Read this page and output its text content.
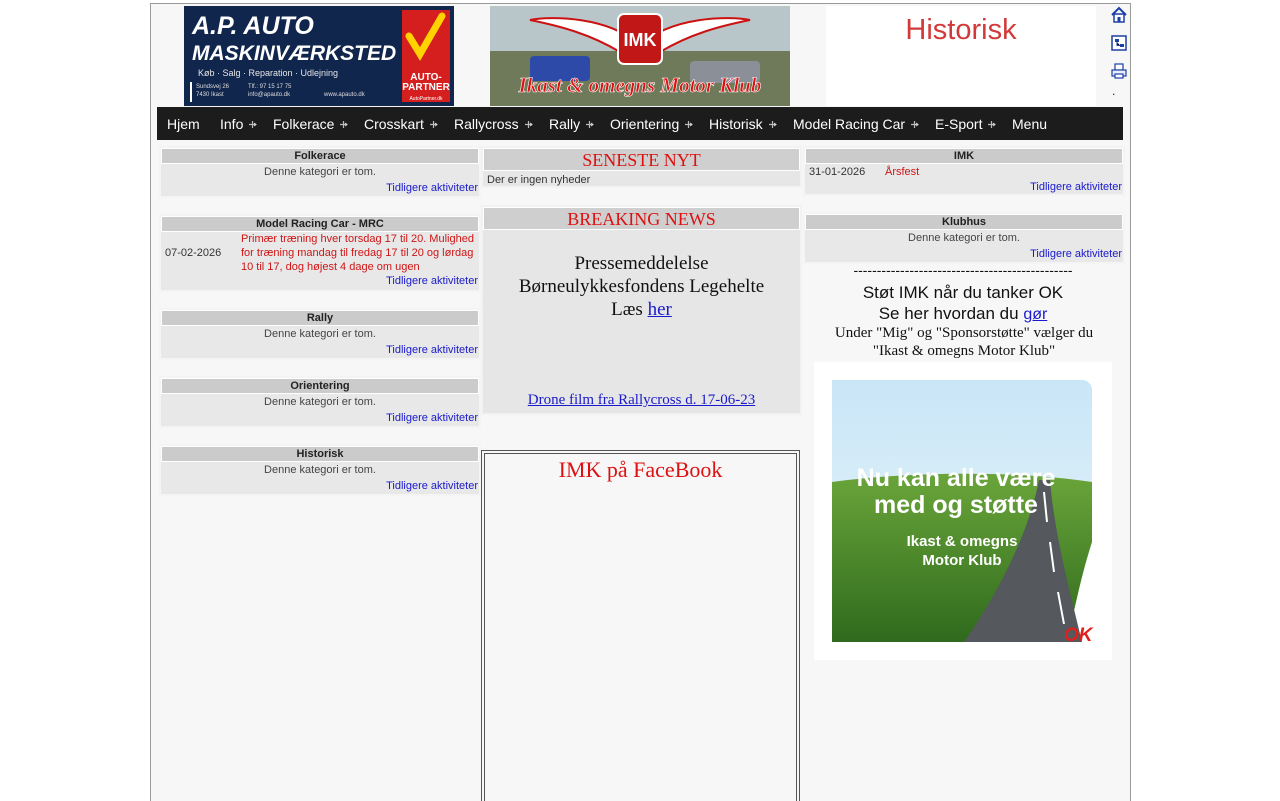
A.P. AUTO
MASKINVÆRKSTED
Køb · Salg · Reparation · Udlejning
Sundsvej 26
7430 Ikast
Tlf.: 97 15 17 75
info@apauto.dk	www.apauto.dk
AUTO-
PARTNER
AutoPartner.dk
IMK
Ikast & omegns Motor Klub
Historisk
.
Hjem Info	Folkerace	Crosskart	Rallycross	Rally	Orientering	Historisk	Model Racing Car	E-Sport	Menu
Folkerace
Denne kategori er tom.
Tidligere aktiviteter
Model Racing Car - MRC
07-02-2026
Primær træning hver torsdag 17 til 20. Mulighed for træning mandag til fredag 17 til 20 og lørdag 10 til 17, dog højest 4 dage om ugen
Tidligere aktiviteter
Rally
Denne kategori er tom.
Tidligere aktiviteter
Orientering
Denne kategori er tom.
Tidligere aktiviteter
Historisk
Denne kategori er tom.
Tidligere aktiviteter
SENESTE NYT
Der er ingen nyheder
BREAKING NEWS
Pressemeddelelse
Børneulykkesfondens Legehelte
Læs her
Drone film fra Rallycross d. 17-06-23
IMK på FaceBook
IMK
31-01-2026	Årsfest
Tidligere aktiviteter
Klubhus
Denne kategori er tom.
Tidligere aktiviteter
-----------------------------------------------
Støt IMK når du tanker OK
Se her hvordan du gør
Under "Mig" og "Sponsorstøtte" vælger du "Ikast & omegns Motor Klub"
Nu kan alle være
med og støtte
Ikast & omegns
Motor Klub
OK
